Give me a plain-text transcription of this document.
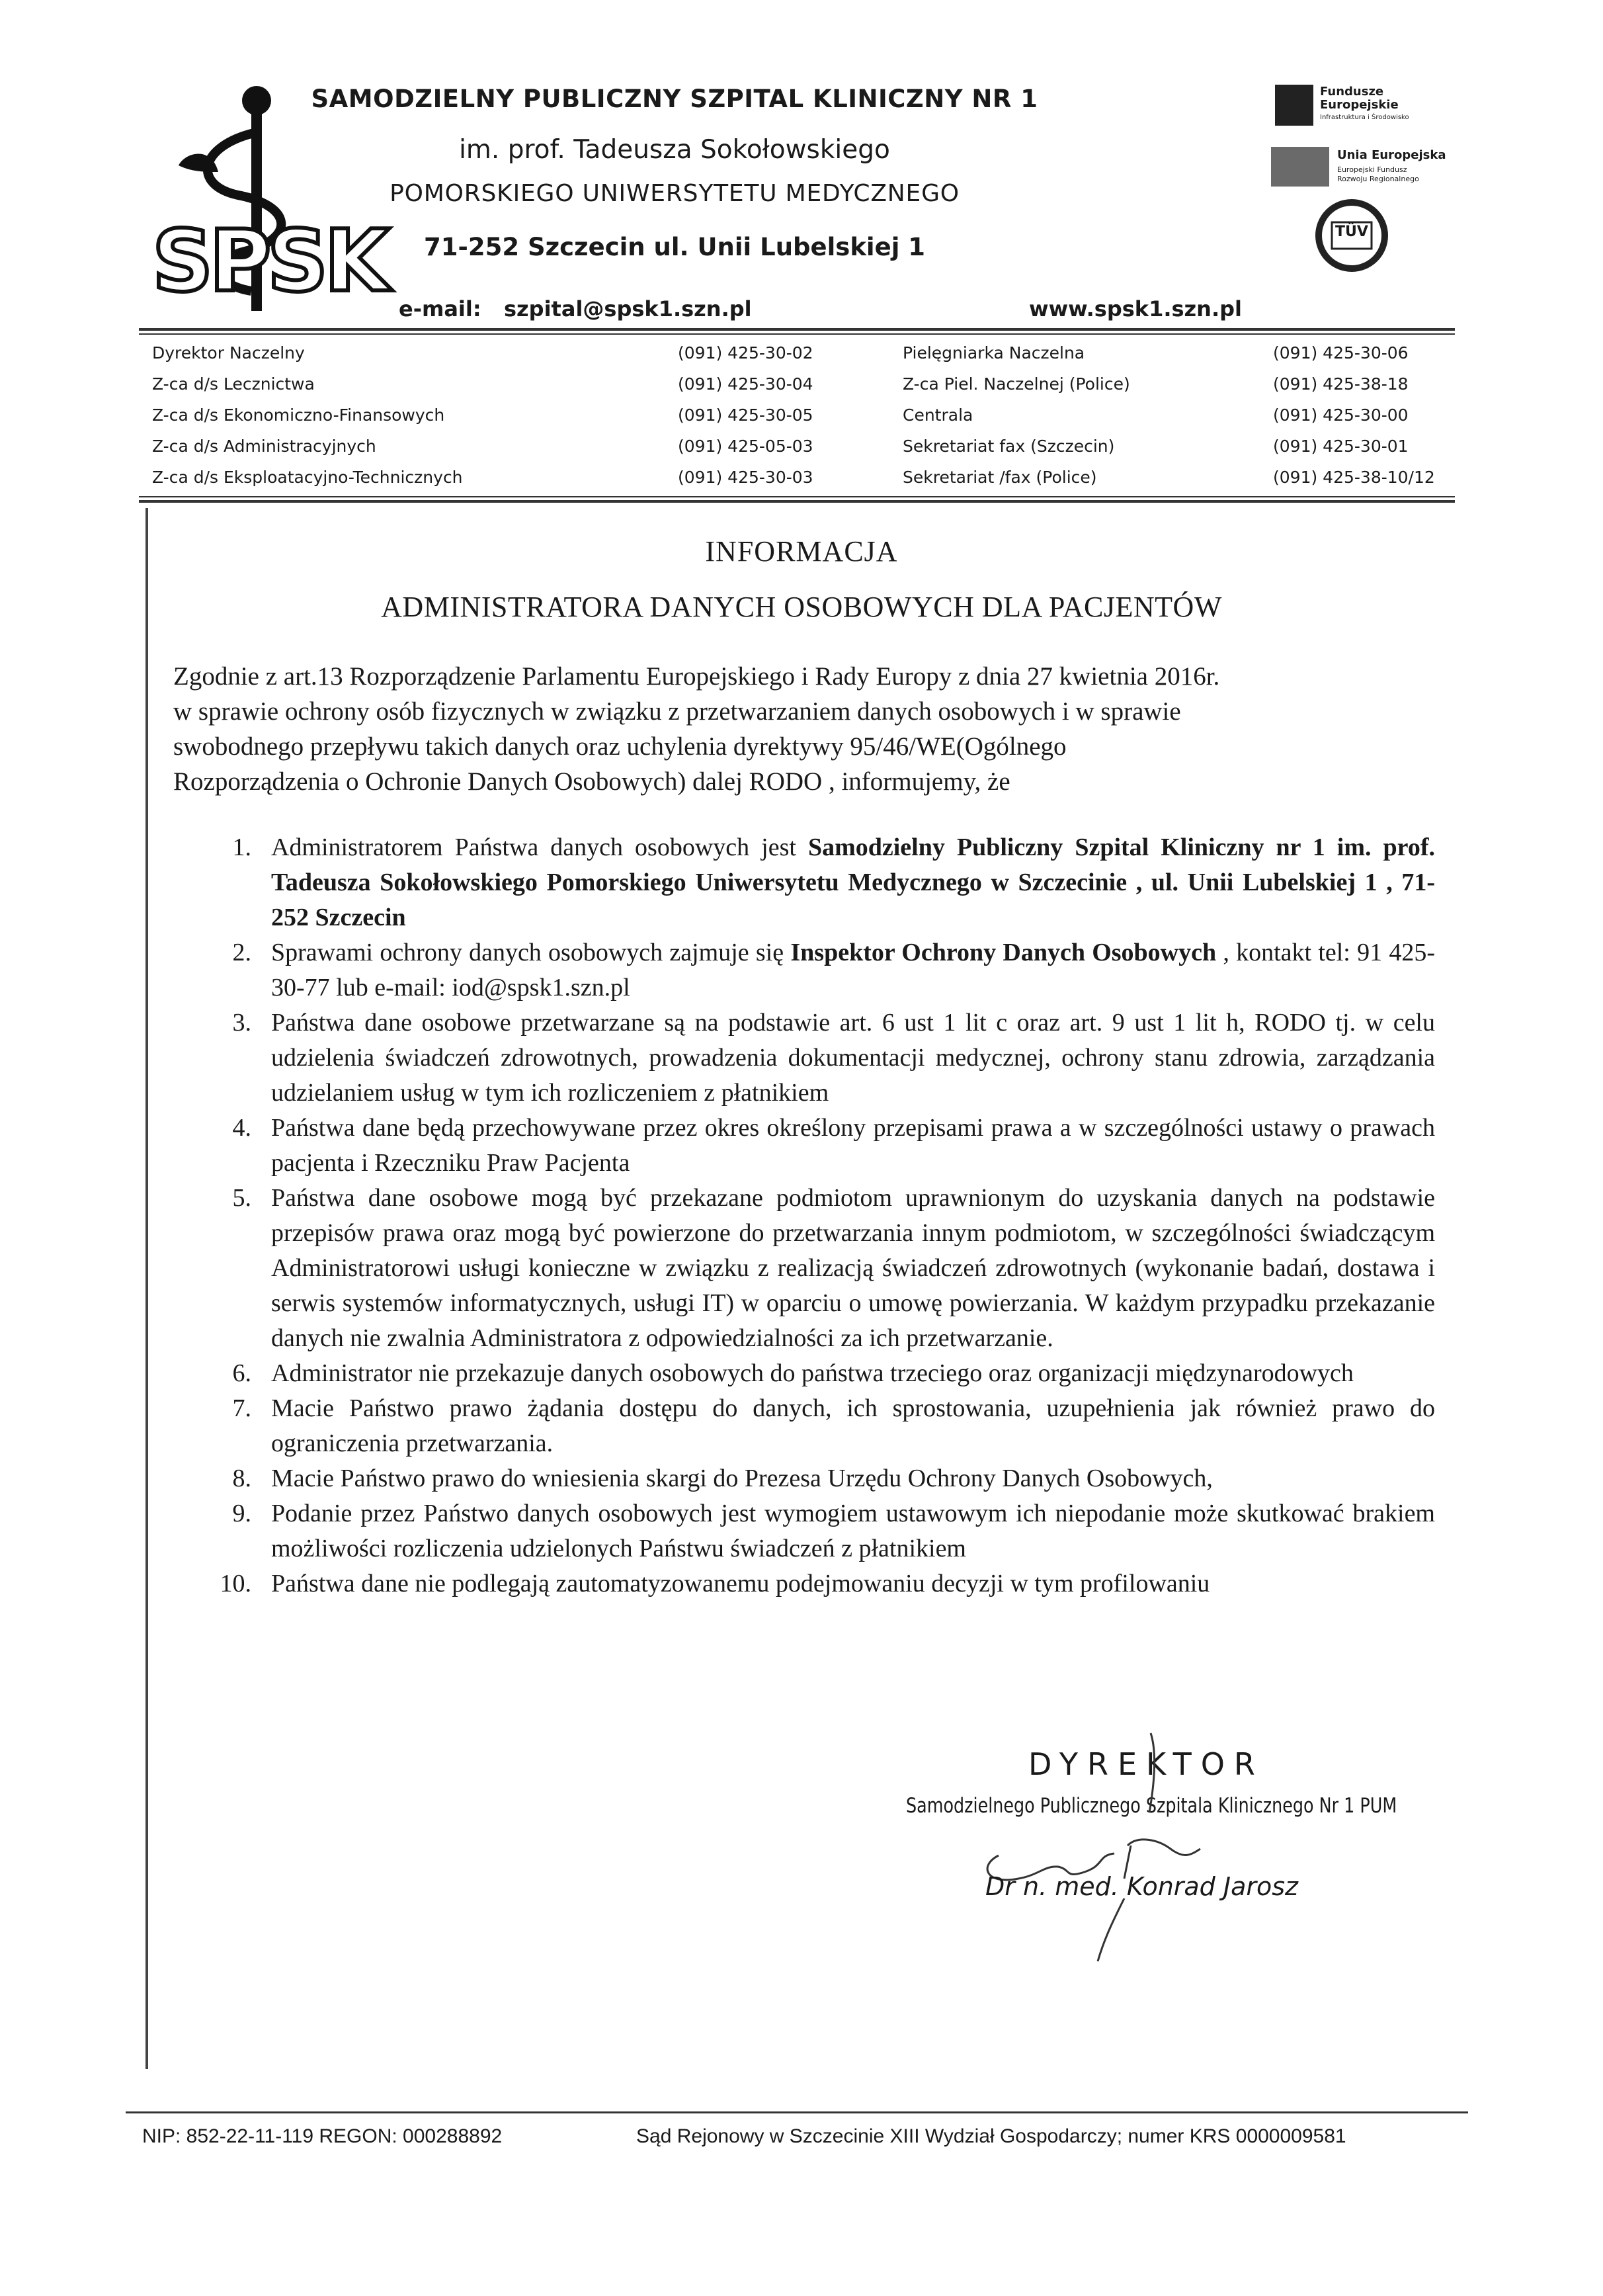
SPSK
SAMODZIELNY PUBLICZNY SZPITAL KLINICZNY NR 1
im. prof. Tadeusza Sokołowskiego
POMORSKIEGO UNIWERSYTETU MEDYCZNEGO
71-252 Szczecin ul. Unii Lubelskiej 1
e-mail: szpital@spsk1.szn.pl	www.spsk1.szn.pl
Fundusze
Europejskie
Infrastruktura i Środowisko
Unia Europejska
Europejski Fundusz
Rozwoju Regionalnego
TÜV
Dyrektor Naczelny	(091) 425-30-02	Pielęgniarka Naczelna	(091) 425-30-06
Z-ca d/s Lecznictwa	(091) 425-30-04	Z-ca Piel. Naczelnej (Police)	(091) 425-38-18
Z-ca d/s Ekonomiczno-Finansowych	(091) 425-30-05	Centrala	(091) 425-30-00
Z-ca d/s Administracyjnych	(091) 425-05-03	Sekretariat fax (Szczecin)	(091) 425-30-01
Z-ca d/s Eksploatacyjno-Technicznych	(091) 425-30-03	Sekretariat /fax (Police)	(091) 425-38-10/12
INFORMACJA
ADMINISTRATORA DANYCH OSOBOWYCH DLA PACJENTÓW

Zgodnie z art.13 Rozporządzenie Parlamentu Europejskiego i Rady Europy z dnia 27 kwietnia 2016r.

w sprawie ochrony osób fizycznych w związku z przetwarzaniem danych osobowych i w sprawie

swobodnego przepływu takich danych oraz uchylenia dyrektywy 95/46/WE(Ogólnego

Rozporządzenia o Ochronie Danych Osobowych) dalej RODO , informujemy, że

1. Administratorem Państwa danych osobowych jest Samodzielny Publiczny Szpital Kliniczny nr 1 im. prof. Tadeusza Sokołowskiego Pomorskiego Uniwersytetu Medycznego w Szczecinie , ul. Unii Lubelskiej 1 , 71-252 Szczecin
2. Sprawami ochrony danych osobowych zajmuje się Inspektor Ochrony Danych Osobowych , kontakt tel: 91 425-30-77 lub e-mail: iod@spsk1.szn.pl
3. Państwa dane osobowe przetwarzane są na podstawie art. 6 ust 1 lit c oraz art. 9 ust 1 lit h, RODO tj. w celu udzielenia świadczeń zdrowotnych, prowadzenia dokumentacji medycznej, ochrony stanu zdrowia, zarządzania udzielaniem usług w tym ich rozliczeniem z płatnikiem
4. Państwa dane będą przechowywane przez okres określony przepisami prawa a w szczególności ustawy o prawach pacjenta i Rzeczniku Praw Pacjenta
5. Państwa dane osobowe mogą być przekazane podmiotom uprawnionym do uzyskania danych na podstawie przepisów prawa oraz mogą być powierzone do przetwarzania innym podmiotom, w szczególności świadczącym Administratorowi usługi konieczne w związku z realizacją świadczeń zdrowotnych (wykonanie badań, dostawa i serwis systemów informatycznych, usługi IT) w oparciu o umowę powierzania. W każdym przypadku przekazanie danych nie zwalnia Administratora z odpowiedzialności za ich przetwarzanie.
6. Administrator nie przekazuje danych osobowych do państwa trzeciego oraz organizacji międzynarodowych
7. Macie Państwo prawo żądania dostępu do danych, ich sprostowania, uzupełnienia jak również prawo do ograniczenia przetwarzania.
8. Macie Państwo prawo do wniesienia skargi do Prezesa Urzędu Ochrony Danych Osobowych,
9. Podanie przez Państwo danych osobowych jest wymogiem ustawowym ich niepodanie może skutkować brakiem możliwości rozliczenia udzielonych Państwu świadczeń z płatnikiem
10. Państwa dane nie podlegają zautomatyzowanemu podejmowaniu decyzji w tym profilowaniu
DYREKTOR
Samodzielnego Publicznego Szpitala Klinicznego Nr 1 PUM
Dr n. med. Konrad Jarosz
NIP: 852-22-11-119 REGON: 000288892	Sąd Rejonowy w Szczecinie XIII Wydział Gospodarczy; numer KRS 0000009581
